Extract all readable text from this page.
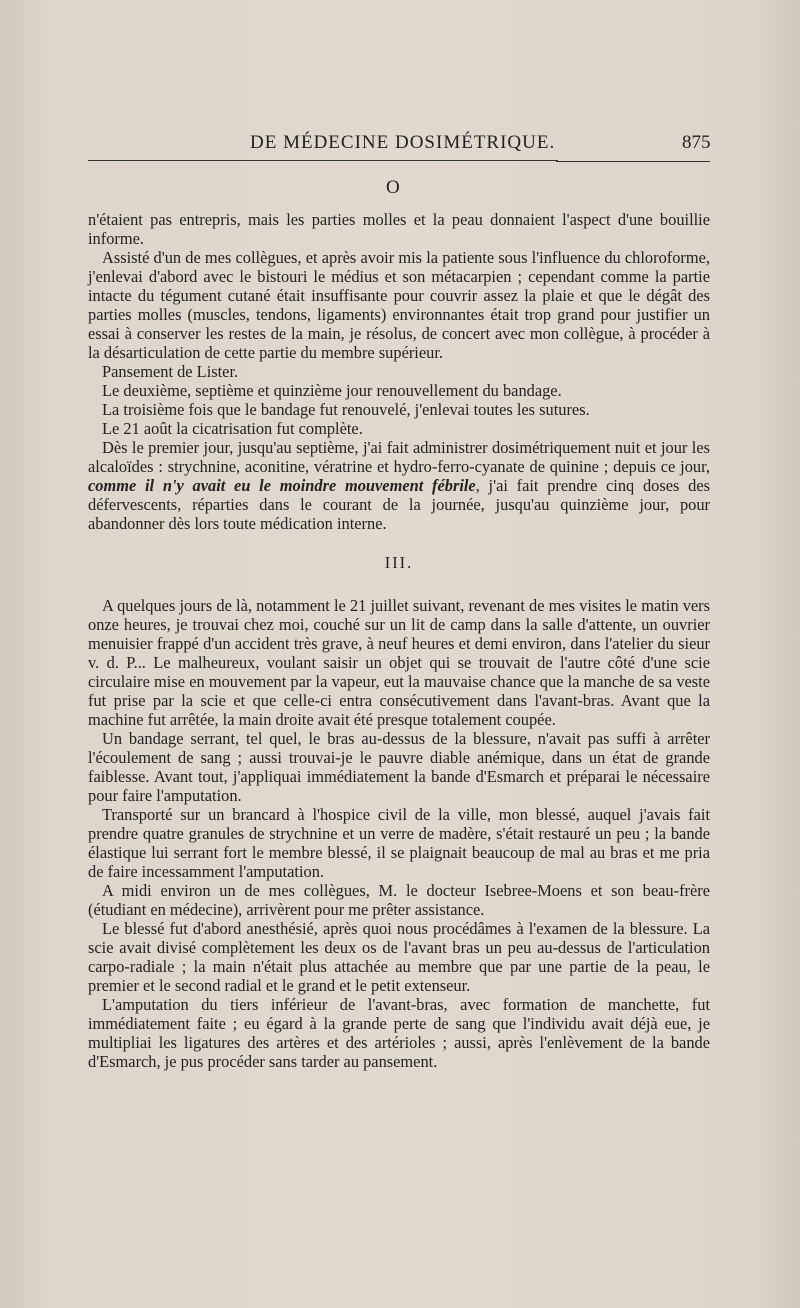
DE MÉDECINE DOSIMÉTRIQUE.	875
O

n'étaient pas entrepris, mais les parties molles et la peau donnaient l'aspect d'une bouillie informe.

Assisté d'un de mes collègues, et après avoir mis la patiente sous l'influence du chloroforme, j'enlevai d'abord avec le bistouri le médius et son métacarpien ; cependant comme la partie intacte du tégument cutané était insuffisante pour couvrir assez la plaie et que le dégât des parties molles (muscles, tendons, ligaments) environnantes était trop grand pour justifier un essai à conserver les restes de la main, je résolus, de concert avec mon collègue, à procéder à la désarticulation de cette partie du membre supérieur.

Pansement de Lister.

Le deuxième, septième et quinzième jour renouvellement du bandage.

La troisième fois que le bandage fut renouvelé, j'enlevai toutes les sutures.

Le 21 août la cicatrisation fut complète.

Dès le premier jour, jusqu'au septième, j'ai fait administrer dosimétriquement nuit et jour les alcaloïdes : strychnine, aconitine, vératrine et hydro-ferro-cyanate de quinine ; depuis ce jour, comme il n'y avait eu le moindre mouvement fébrile, j'ai fait prendre cinq doses des défervescents, réparties dans le courant de la journée, jusqu'au quinzième jour, pour abandonner dès lors toute médication interne.

III.

A quelques jours de là, notamment le 21 juillet suivant, revenant de mes visites le matin vers onze heures, je trouvai chez moi, couché sur un lit de camp dans la salle d'attente, un ouvrier menuisier frappé d'un accident très grave, à neuf heures et demi environ, dans l'atelier du sieur v. d. P... Le malheureux, voulant saisir un objet qui se trouvait de l'autre côté d'une scie circulaire mise en mouvement par la vapeur, eut la mauvaise chance que la manche de sa veste fut prise par la scie et que celle-ci entra consécutivement dans l'avant-bras. Avant que la machine fut arrêtée, la main droite avait été presque totalement coupée.

Un bandage serrant, tel quel, le bras au-dessus de la blessure, n'avait pas suffi à arrêter l'écoulement de sang ; aussi trouvai-je le pauvre diable anémique, dans un état de grande faiblesse. Avant tout, j'appliquai immédiatement la bande d'Esmarch et préparai le nécessaire pour faire l'amputation.

Transporté sur un brancard à l'hospice civil de la ville, mon blessé, auquel j'avais fait prendre quatre granules de strychnine et un verre de madère, s'était restauré un peu ; la bande élastique lui serrant fort le membre blessé, il se plaignait beaucoup de mal au bras et me pria de faire incessamment l'amputation.

A midi environ un de mes collègues, M. le docteur Isebree-Moens et son beau-frère (étudiant en médecine), arrivèrent pour me prêter assistance.

Le blessé fut d'abord anesthésié, après quoi nous procédâmes à l'examen de la blessure. La scie avait divisé complètement les deux os de l'avant bras un peu au-dessus de l'articulation carpo-radiale ; la main n'était plus attachée au membre que par une partie de la peau, le premier et le second radial et le grand et le petit extenseur.

L'amputation du tiers inférieur de l'avant-bras, avec formation de manchette, fut immédiatement faite ; eu égard à la grande perte de sang que l'individu avait déjà eue, je multipliai les ligatures des artères et des artérioles ; aussi, après l'enlèvement de la bande d'Esmarch, je pus procéder sans tarder au pansement.
